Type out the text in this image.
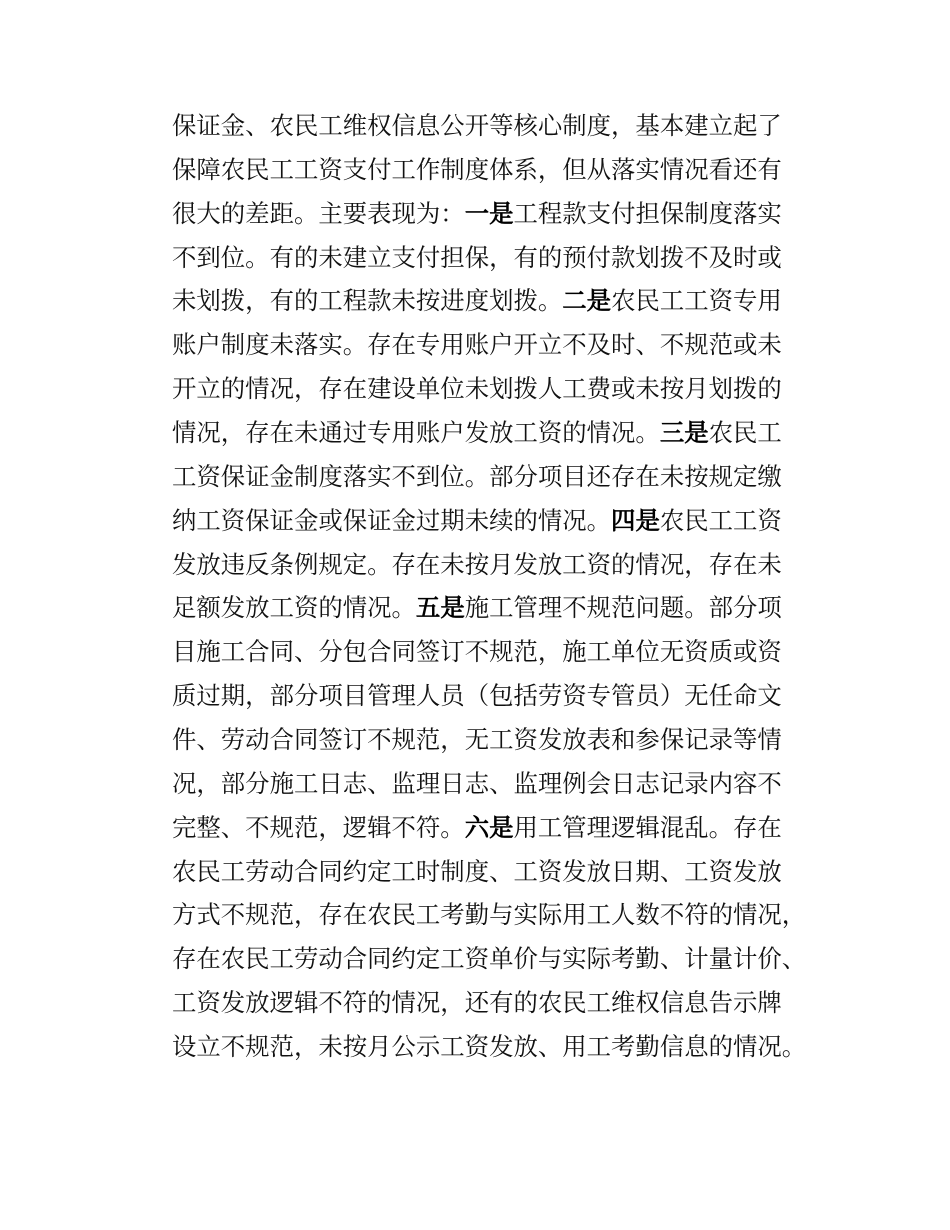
保证金、农民工维权信息公开等核心制度，基本建立起了
保障农民工工资支付工作制度体系，但从落实情况看还有
很大的差距。主要表现为：一是工程款支付担保制度落实
不到位。有的未建立支付担保，有的预付款划拨不及时或
未划拨，有的工程款未按进度划拨。二是农民工工资专用
账户制度未落实。存在专用账户开立不及时、不规范或未
开立的情况，存在建设单位未划拨人工费或未按月划拨的
情况，存在未通过专用账户发放工资的情况。三是农民工
工资保证金制度落实不到位。部分项目还存在未按规定缴
纳工资保证金或保证金过期未续的情况。四是农民工工资
发放违反条例规定。存在未按月发放工资的情况，存在未
足额发放工资的情况。五是施工管理不规范问题。部分项
目施工合同、分包合同签订不规范，施工单位无资质或资
质过期，部分项目管理人员（包括劳资专管员）无任命文
件、劳动合同签订不规范，无工资发放表和参保记录等情
况，部分施工日志、监理日志、监理例会日志记录内容不
完整、不规范，逻辑不符。六是用工管理逻辑混乱。存在
农民工劳动合同约定工时制度、工资发放日期、工资发放
方式不规范，存在农民工考勤与实际用工人数不符的情况，
存在农民工劳动合同约定工资单价与实际考勤、计量计价、
工资发放逻辑不符的情况，还有的农民工维权信息告示牌
设立不规范，未按月公示工资发放、用工考勤信息的情况。
